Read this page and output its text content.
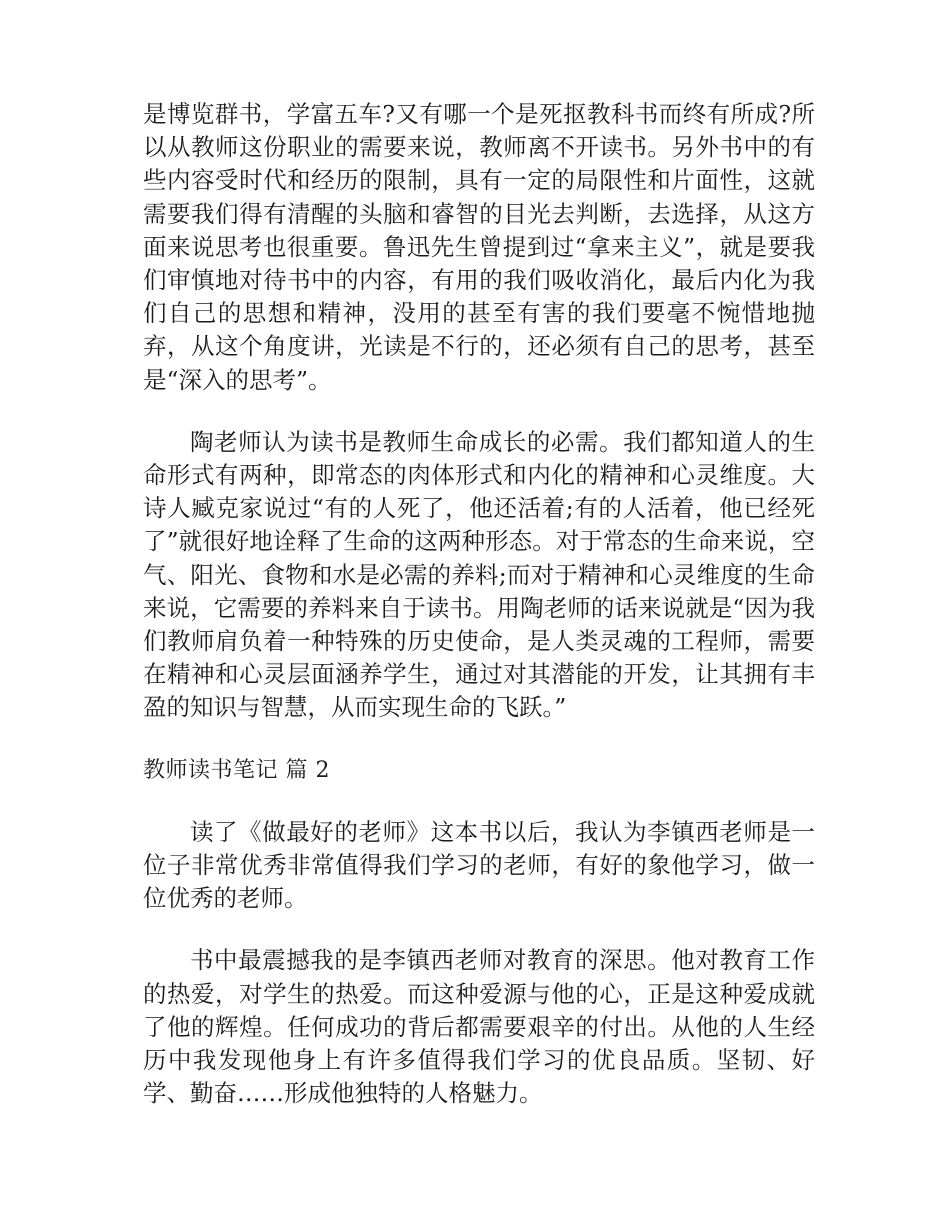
是博览群书，学富五车?又有哪一个是死抠教科书而终有所成?所以从教师这份职业的需要来说，教师离不开读书。另外书中的有些内容受时代和经历的限制，具有一定的局限性和片面性，这就需要我们得有清醒的头脑和睿智的目光去判断，去选择，从这方面来说思考也很重要。鲁迅先生曾提到过“拿来主义”，就是要我们审慎地对待书中的内容，有用的我们吸收消化，最后内化为我们自己的思想和精神，没用的甚至有害的我们要毫不惋惜地抛弃，从这个角度讲，光读是不行的，还必须有自己的思考，甚至是“深入的思考”。

陶老师认为读书是教师生命成长的必需。我们都知道人的生命形式有两种，即常态的肉体形式和内化的精神和心灵维度。大诗人臧克家说过“有的人死了，他还活着;有的人活着，他已经死了”就很好地诠释了生命的这两种形态。对于常态的生命来说，空气、阳光、食物和水是必需的养料;而对于精神和心灵维度的生命来说，它需要的养料来自于读书。用陶老师的话来说就是“因为我们教师肩负着一种特殊的历史使命，是人类灵魂的工程师，需要在精神和心灵层面涵养学生，通过对其潜能的开发，让其拥有丰盈的知识与智慧，从而实现生命的飞跃。”

教师读书笔记 篇 2

读了《做最好的老师》这本书以后，我认为李镇西老师是一位子非常优秀非常值得我们学习的老师，有好的象他学习，做一位优秀的老师。

书中最震撼我的是李镇西老师对教育的深思。他对教育工作的热爱，对学生的热爱。而这种爱源与他的心，正是这种爱成就了他的辉煌。任何成功的背后都需要艰辛的付出。从他的人生经历中我发现他身上有许多值得我们学习的优良品质。坚韧、好学、勤奋……形成他独特的人格魅力。
